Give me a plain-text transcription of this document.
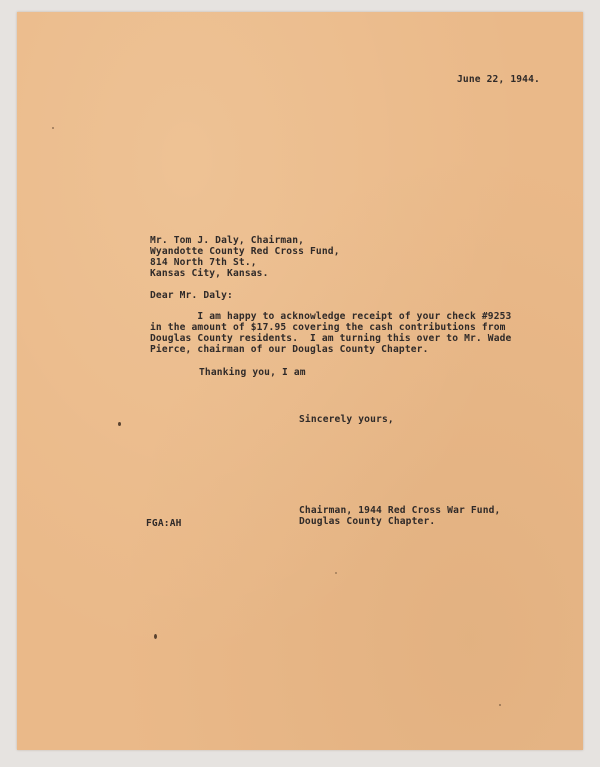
June 22, 1944.
Mr. Tom J. Daly, Chairman,
Wyandotte County Red Cross Fund,
814 North 7th St.,
Kansas City, Kansas.
Dear Mr. Daly:
I am happy to acknowledge receipt of your check #9253
in the amount of $17.95 covering the cash contributions from
Douglas County residents.  I am turning this over to Mr. Wade
Pierce, chairman of our Douglas County Chapter.
Thanking you, I am
Sincerely yours,
Chairman, 1944 Red Cross War Fund,
Douglas County Chapter.
FGA:AH
